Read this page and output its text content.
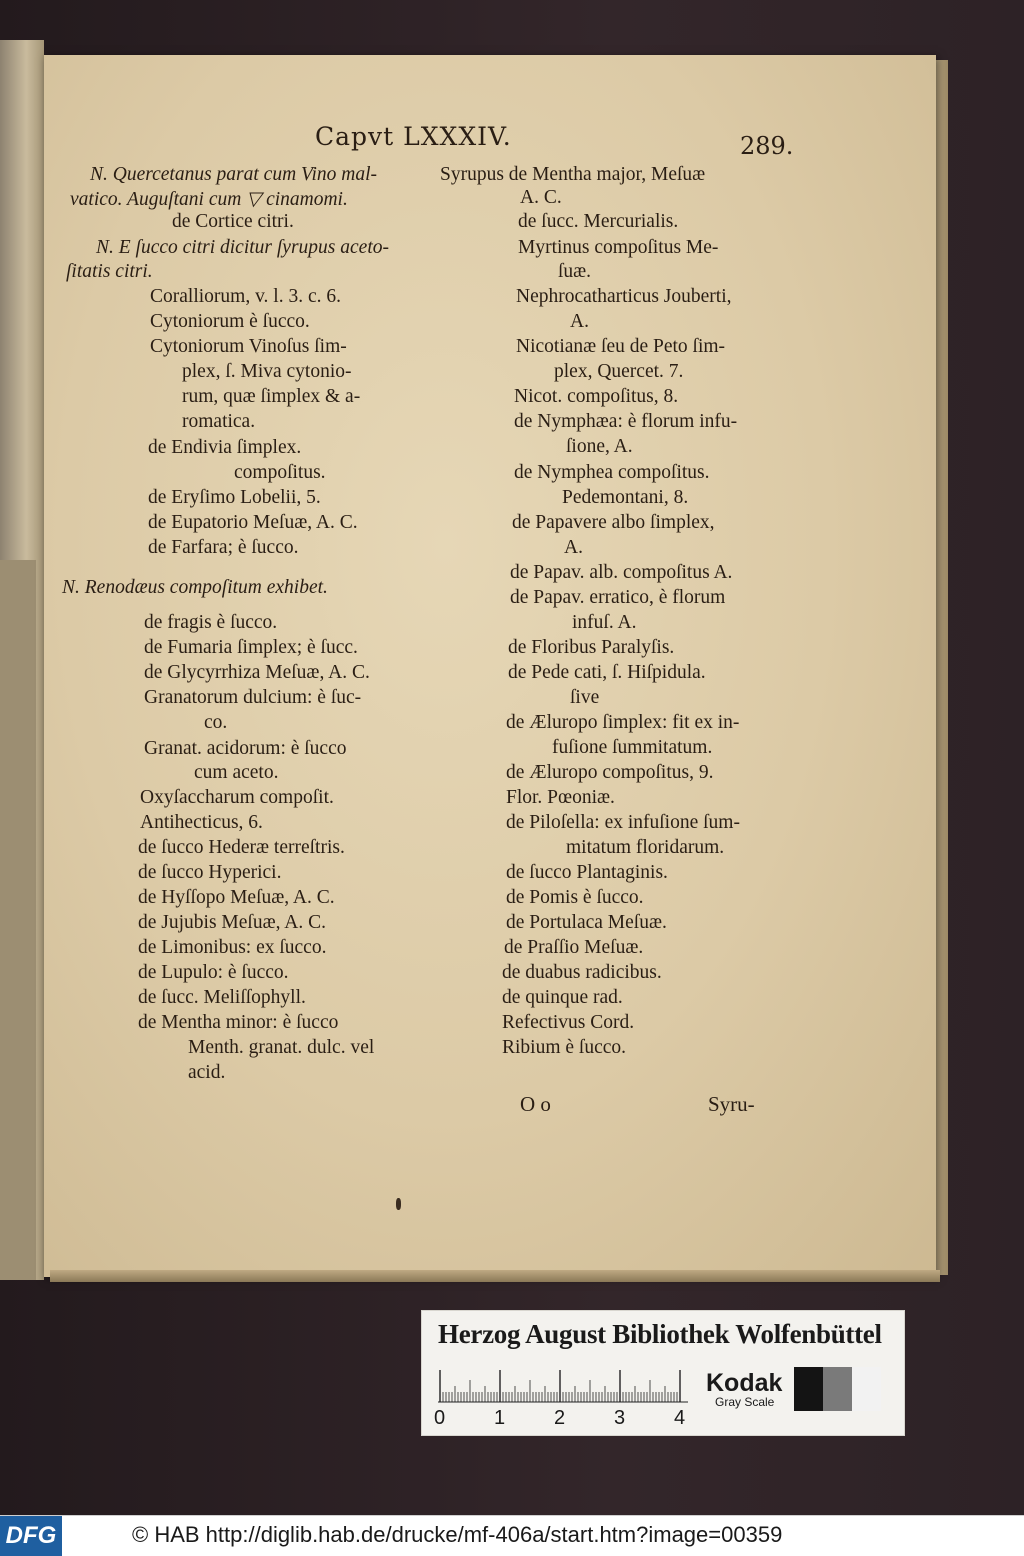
Capvt LXXXIV.	289.
N. Quercetanus parat cum Vino mal-
vatico. Auguſtani cum ▽ cinamomi.
de Cortice citri.
N. E ſucco citri dicitur ſyrupus aceto-
ſitatis citri.
Coralliorum, v. l. 3. c. 6.
Cytoniorum è ſucco.
Cytoniorum Vinoſus ſim-
plex, ſ. Miva cytonio-
rum, quæ ſimplex & a-
romatica.
de Endivia ſimplex.
compoſitus.
de Eryſimo Lobelii, 5.
de Eupatorio Meſuæ, A. C.
de Farfara; è ſucco.
N. Renodæus compoſitum exhibet.
de fragis è ſucco.
de Fumaria ſimplex; è ſucc.
de Glycyrrhiza Meſuæ, A. C.
Granatorum dulcium: è ſuc-
co.
Granat. acidorum: è ſucco
cum aceto.
Oxyſaccharum compoſit.
Antihecticus, 6.
de ſucco Hederæ terreſtris.
de ſucco Hyperici.
de Hyſſopo Meſuæ, A. C.
de Jujubis Meſuæ, A. C.
de Limonibus: ex ſucco.
de Lupulo: è ſucco.
de ſucc. Meliſſophyll.
de Mentha minor: è ſucco
Menth. granat. dulc. vel
acid.
Syrupus de Mentha major, Meſuæ
A. C.
de ſucc. Mercurialis.
Myrtinus compoſitus Me-
ſuæ.
Nephrocatharticus Jouberti,
A.
Nicotianæ ſeu de Peto ſim-
plex, Quercet. 7.
Nicot. compoſitus, 8.
de Nymphæa: è florum infu-
ſione, A.
de Nymphea compoſitus.
Pedemontani, 8.
de Papavere albo ſimplex,
A.
de Papav. alb. compoſitus A.
de Papav. erratico, è florum
infuſ. A.
de Floribus Paralyſis.
de Pede cati, ſ. Hiſpidula.
ſive
de Æluropo ſimplex: fit ex in-
fuſione ſummitatum.
de Æluropo compoſitus, 9.
Flor. Pœoniæ.
de Piloſella: ex infuſione ſum-
mitatum floridarum.
de ſucco Plantaginis.
de Pomis è ſucco.
de Portulaca Meſuæ.
de Praſſio Meſuæ.
de duabus radicibus.
de quinque rad.
Refectivus Cord.
Ribium è ſucco.
O o	Syru-
Herzog August Bibliothek Wolfenbüttel
0 1 2 3 4
Kodak
Gray Scale
DFG	© HAB http://diglib.hab.de/drucke/mf-406a/start.htm?image=00359
